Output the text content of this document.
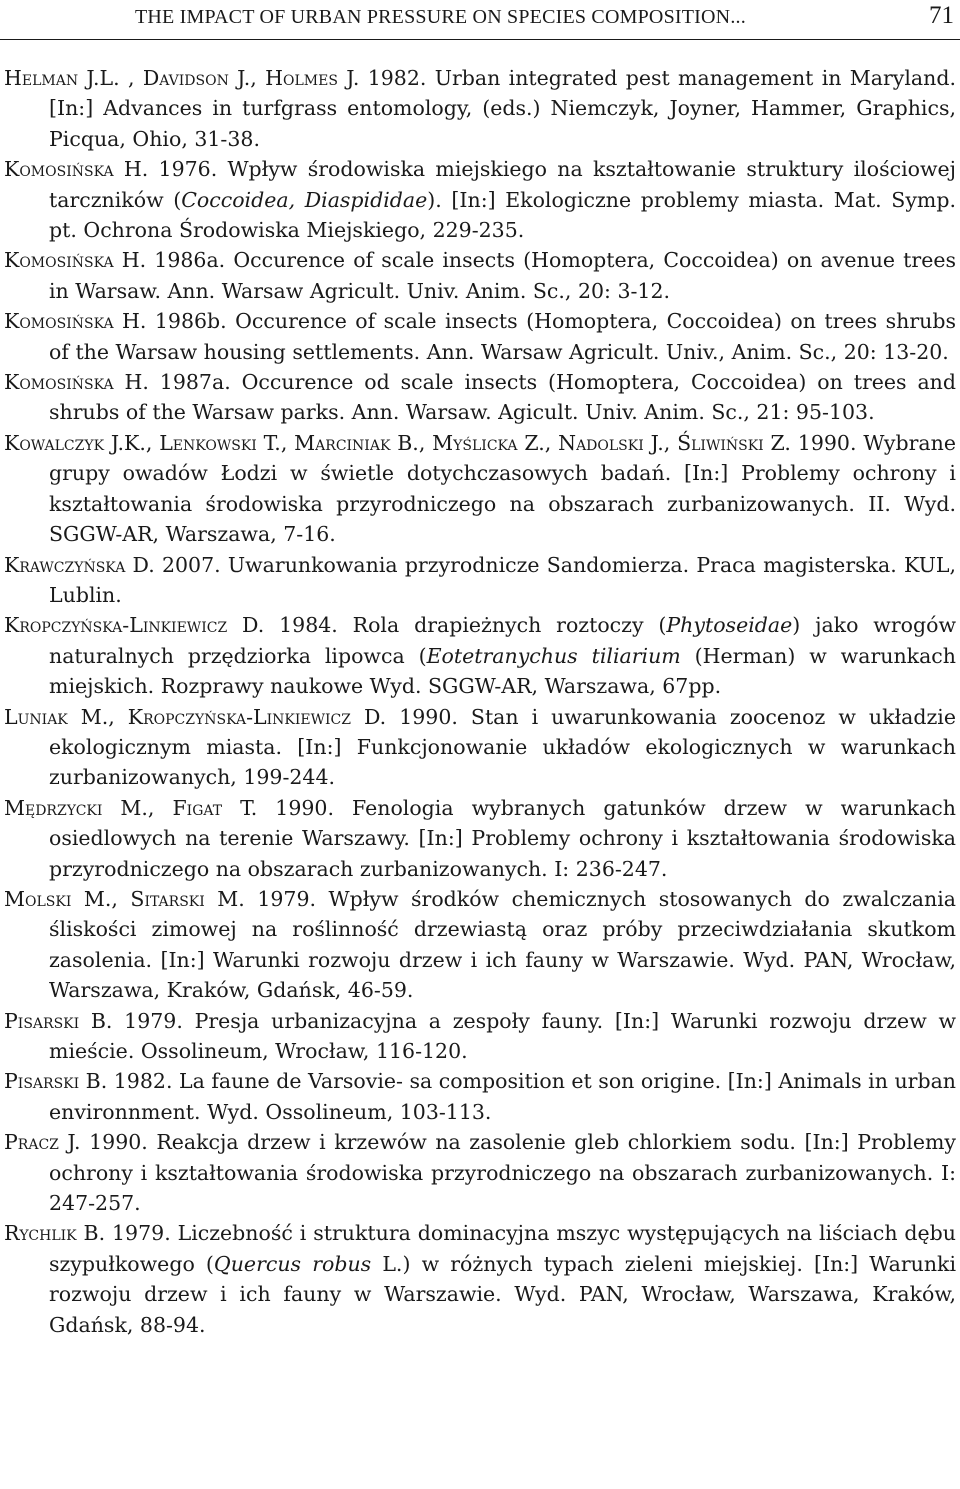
THE IMPACT OF URBAN PRESSURE ON SPECIES COMPOSITION...	71

Helman J.L. , Davidson J., Holmes J. 1982. Urban integrated pest management in Maryland. [In:] Advances in turfgrass entomology, (eds.) Niemczyk, Joyner, Hammer, Graphics, Picqua, Ohio, 31-38.

Komosińska H. 1976. Wpływ środowiska miejskiego na kształtowanie struktury ilościowej tarczników (Coccoidea, Diaspididae). [In:] Ekologiczne problemy miasta. Mat. Symp. pt. Ochrona Środowiska Miejskiego, 229-235.

Komosińska H. 1986a. Occurence of scale insects (Homoptera, Coccoidea) on avenue trees in Warsaw. Ann. Warsaw Agricult. Univ. Anim. Sc., 20: 3-12.

Komosińska H. 1986b. Occurence of scale insects (Homoptera, Coccoidea) on trees shrubs of the Warsaw housing settlements. Ann. Warsaw Agricult. Univ., Anim. Sc., 20: 13-20.

Komosińska H. 1987a. Occurence od scale insects (Homoptera, Coccoidea) on trees and shrubs of the Warsaw parks. Ann. Warsaw. Agicult. Univ. Anim. Sc., 21: 95-103.

Kowalczyk J.K., Lenkowski T., Marciniak B., Myślicka Z., Nadolski J., Śliwiński Z. 1990. Wybrane grupy owadów Łodzi w świetle dotychczasowych badań. [In:] Problemy ochrony i kształtowania środowiska przyrodniczego na obszarach zurbanizowanych. II. Wyd. SGGW-AR, Warszawa, 7-16.

Krawczyńska D. 2007. Uwarunkowania przyrodnicze Sandomierza. Praca magisterska. KUL, Lublin.

Kropczyńska-Linkiewicz D. 1984. Rola drapieżnych roztoczy (Phytoseidae) jako wrogów naturalnych przędziorka lipowca (Eotetranychus tiliarium (Herman) w warunkach miejskich. Rozprawy naukowe Wyd. SGGW-AR, Warszawa, 67pp.

Luniak M., Kropczyńska-Linkiewicz D. 1990. Stan i uwarunkowania zoocenoz w układzie ekologicznym miasta. [In:] Funkcjonowanie układów ekologicznych w warunkach zurbanizowanych, 199-244.

Mędrzycki M., Figat T. 1990. Fenologia wybranych gatunków drzew w warunkach osiedlowych na terenie Warszawy. [In:] Problemy ochrony i kształtowania środowiska przyrodniczego na obszarach zurbanizowanych. I: 236-247.

Molski M., Sitarski M. 1979. Wpływ środków chemicznych stosowanych do zwalczania śliskości zimowej na roślinność drzewiastą oraz próby przeciwdziałania skutkom zasolenia. [In:] Warunki rozwoju drzew i ich fauny w Warszawie. Wyd. PAN, Wrocław, Warszawa, Kraków, Gdańsk, 46-59.

Pisarski B. 1979. Presja urbanizacyjna a zespoły fauny. [In:] Warunki rozwoju drzew w mieście. Ossolineum, Wrocław, 116-120.

Pisarski B. 1982. La faune de Varsovie- sa composition et son origine. [In:] Animals in urban environnment. Wyd. Ossolineum, 103-113.

Pracz J. 1990. Reakcja drzew i krzewów na zasolenie gleb chlorkiem sodu. [In:] Problemy ochrony i kształtowania środowiska przyrodniczego na obszarach zurbanizowanych. I: 247-257.

Rychlik B. 1979. Liczebność i struktura dominacyjna mszyc występujących na liściach dębu szypułkowego (Quercus robus L.) w różnych typach zieleni miejskiej. [In:] Warunki rozwoju drzew i ich fauny w Warszawie. Wyd. PAN, Wrocław, Warszawa, Kraków, Gdańsk, 88-94.
